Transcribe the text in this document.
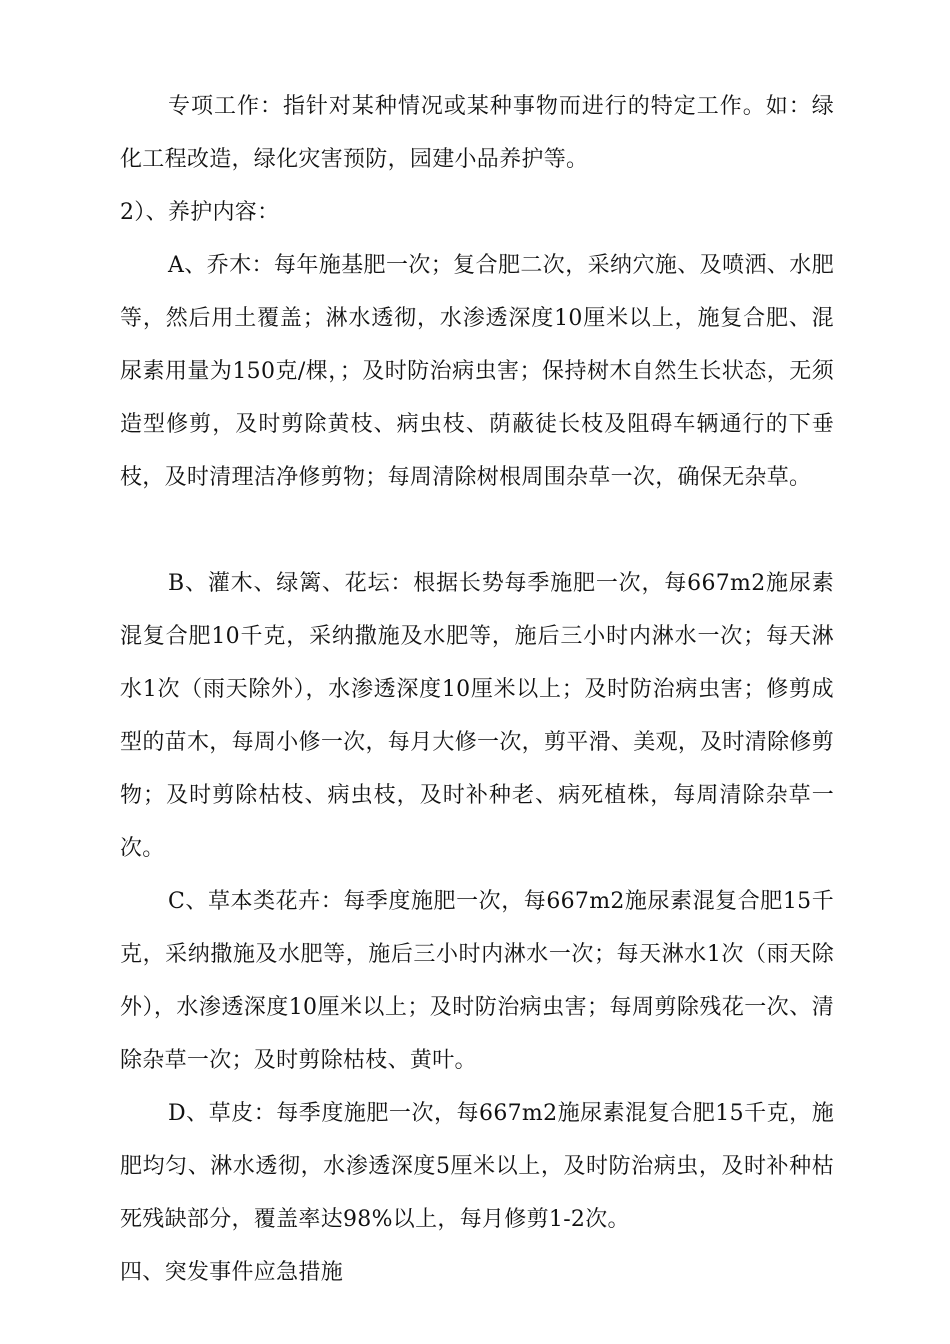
专项工作：指针对某种情况或某种事物而进行的特定工作。如：绿化工程改造，绿化灾害预防，园建小品养护等。

2）、养护内容：

A、乔木：每年施基肥一次；复合肥二次，采纳穴施、及喷洒、水肥等，然后用土覆盖；淋水透彻，水渗透深度10厘米以上，施复合肥、混尿素用量为150克/棵，；及时防治病虫害；保持树木自然生长状态，无须造型修剪，及时剪除黄枝、病虫枝、荫蔽徒长枝及阻碍车辆通行的下垂枝，及时清理洁净修剪物；每周清除树根周围杂草一次，确保无杂草。

B、灌木、绿篱、花坛：根据长势每季施肥一次，每667m2施尿素混复合肥10千克，采纳撒施及水肥等，施后三小时内淋水一次；每天淋水1次（雨天除外），水渗透深度10厘米以上；及时防治病虫害；修剪成型的苗木，每周小修一次，每月大修一次，剪平滑、美观，及时清除修剪物；及时剪除枯枝、病虫枝，及时补种老、病死植株，每周清除杂草一次。

C、草本类花卉：每季度施肥一次，每667m2施尿素混复合肥15千克，采纳撒施及水肥等，施后三小时内淋水一次；每天淋水1次（雨天除外），水渗透深度10厘米以上；及时防治病虫害；每周剪除残花一次、清除杂草一次；及时剪除枯枝、黄叶。

D、草皮：每季度施肥一次，每667m2施尿素混复合肥15千克，施肥均匀、淋水透彻，水渗透深度5厘米以上，及时防治病虫，及时补种枯死残缺部分，覆盖率达98%以上，每月修剪1-2次。

四、突发事件应急措施
